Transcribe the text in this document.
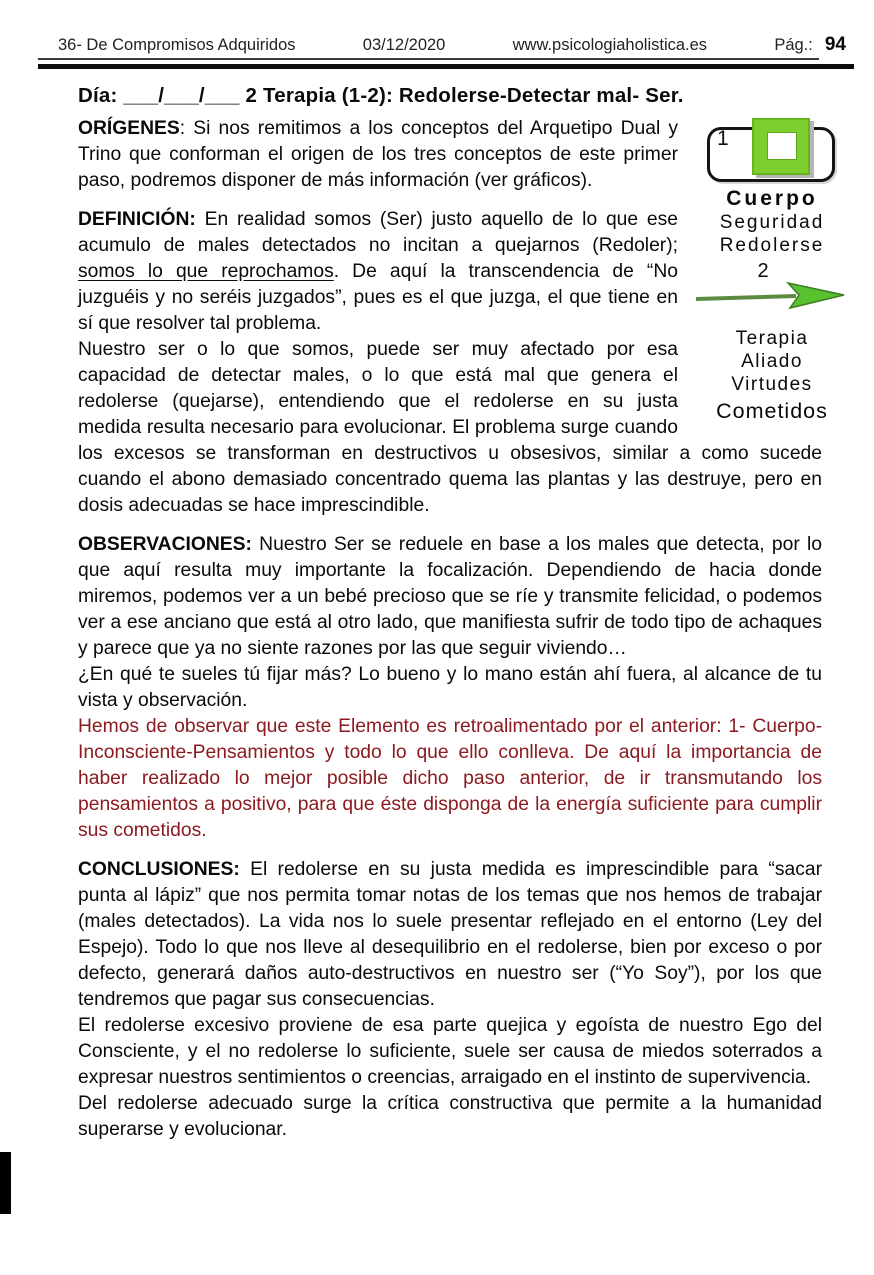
36- De Compromisos Adquiridos	03/12/2020	www.psicologiaholistica.es	Pág.: 94
Día: ___/___/___ 2 Terapia (1-2): Redolerse-Detectar mal- Ser.
1
Cuerpo
Seguridad
Redolerse
2
Terapia
Aliado
Virtudes
Cometidos

ORÍGENES: Si nos remitimos a los conceptos del Arquetipo Dual y Trino que conforman el origen de los tres conceptos de este primer paso, podremos disponer de más información (ver gráficos).

DEFINICIÓN: En realidad somos (Ser) justo aquello de lo que ese acumulo de males detectados no incitan a quejarnos (Redoler); somos lo que reprochamos. De aquí la transcendencia de “No juzguéis y no seréis juzgados”, pues es el que juzga, el que tiene en sí que resolver tal problema.

Nuestro ser o lo que somos, puede ser muy afectado por esa capacidad de detectar males, o lo que está mal que genera el redolerse (quejarse), entendiendo que el redolerse en su justa medida resulta necesario para evolucionar. El problema surge cuando los excesos se transforman en destructivos u obsesivos, similar a como sucede cuando el abono demasiado concentrado quema las plantas y las destruye, pero en dosis adecuadas se hace imprescindible.

OBSERVACIONES: Nuestro Ser se reduele en base a los males que detecta, por lo que aquí resulta muy importante la focalización. Dependiendo de hacia donde miremos, podemos ver a un bebé precioso que se ríe y transmite felicidad, o podemos ver a ese anciano que está al otro lado, que manifiesta sufrir de todo tipo de achaques y parece que ya no siente razones por las que seguir viviendo…

¿En qué te sueles tú fijar más? Lo bueno y lo mano están ahí fuera, al alcance de tu vista y observación.

Hemos de observar que este Elemento es retroalimentado por el anterior: 1- Cuerpo-Inconsciente-Pensamientos y todo lo que ello conlleva. De aquí la importancia de haber realizado lo mejor posible dicho paso anterior, de ir transmutando los pensamientos a positivo, para que éste disponga de la energía suficiente para cumplir sus cometidos.

CONCLUSIONES: El redolerse en su justa medida es imprescindible para “sacar punta al lápiz” que nos permita tomar notas de los temas que nos hemos de trabajar (males detectados). La vida nos lo suele presentar reflejado en el entorno (Ley del Espejo). Todo lo que nos lleve al desequilibrio en el redolerse, bien por exceso o por defecto, generará daños auto-destructivos en nuestro ser (“Yo Soy”), por los que tendremos que pagar sus consecuencias.

El redolerse excesivo proviene de esa parte quejica y egoísta de nuestro Ego del Consciente, y el no redolerse lo suficiente, suele ser causa de miedos soterrados a expresar nuestros sentimientos o creencias, arraigado en el instinto de supervivencia.

Del redolerse adecuado surge la crítica constructiva que permite a la humanidad superarse y evolucionar.
